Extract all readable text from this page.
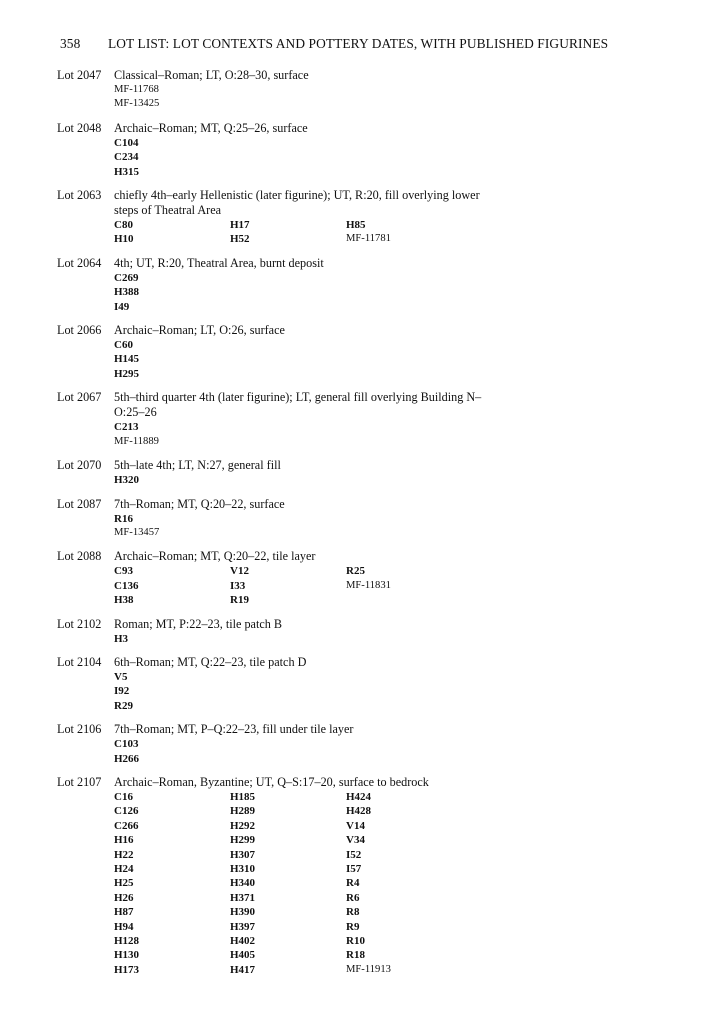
358 LOT LIST: LOT CONTEXTS AND POTTERY DATES, WITH PUBLISHED FIGURINES
Lot 2047	Classical–Roman; LT, O:28–30, surface
MF-11768
MF-13425
Lot 2048	Archaic–Roman; MT, Q:25–26, surface
C104
C234
H315
Lot 2063	chiefly 4th–early Hellenistic (later figurine); UT, R:20, fill overlying lower steps of Theatral Area
C80	H17	H85
H10	H52	MF-11781
Lot 2064	4th; UT, R:20, Theatral Area, burnt deposit
C269
H388
I49
Lot 2066	Archaic–Roman; LT, O:26, surface
C60
H145
H295
Lot 2067	5th–third quarter 4th (later figurine); LT, general fill overlying Building N–O:25–26
C213
MF-11889
Lot 2070	5th–late 4th; LT, N:27, general fill
H320
Lot 2087	7th–Roman; MT, Q:20–22, surface
R16
MF-13457
Lot 2088	Archaic–Roman; MT, Q:20–22, tile layer
C93	V12	R25
C136	I33	MF-11831
H38	R19
Lot 2102	Roman; MT, P:22–23, tile patch B
H3
Lot 2104	6th–Roman; MT, Q:22–23, tile patch D
V5
I92
R29
Lot 2106	7th–Roman; MT, P–Q:22–23, fill under tile layer
C103
H266
Lot 2107	Archaic–Roman, Byzantine; UT, Q–S:17–20, surface to bedrock
C16	H185	H424
C126	H289	H428
C266	H292	V14
H16	H299	V34
H22	H307	I52
H24	H310	I57
H25	H340	R4
H26	H371	R6
H87	H390	R8
H94	H397	R9
H128	H402	R10
H130	H405	R18
H173	H417	MF-11913
